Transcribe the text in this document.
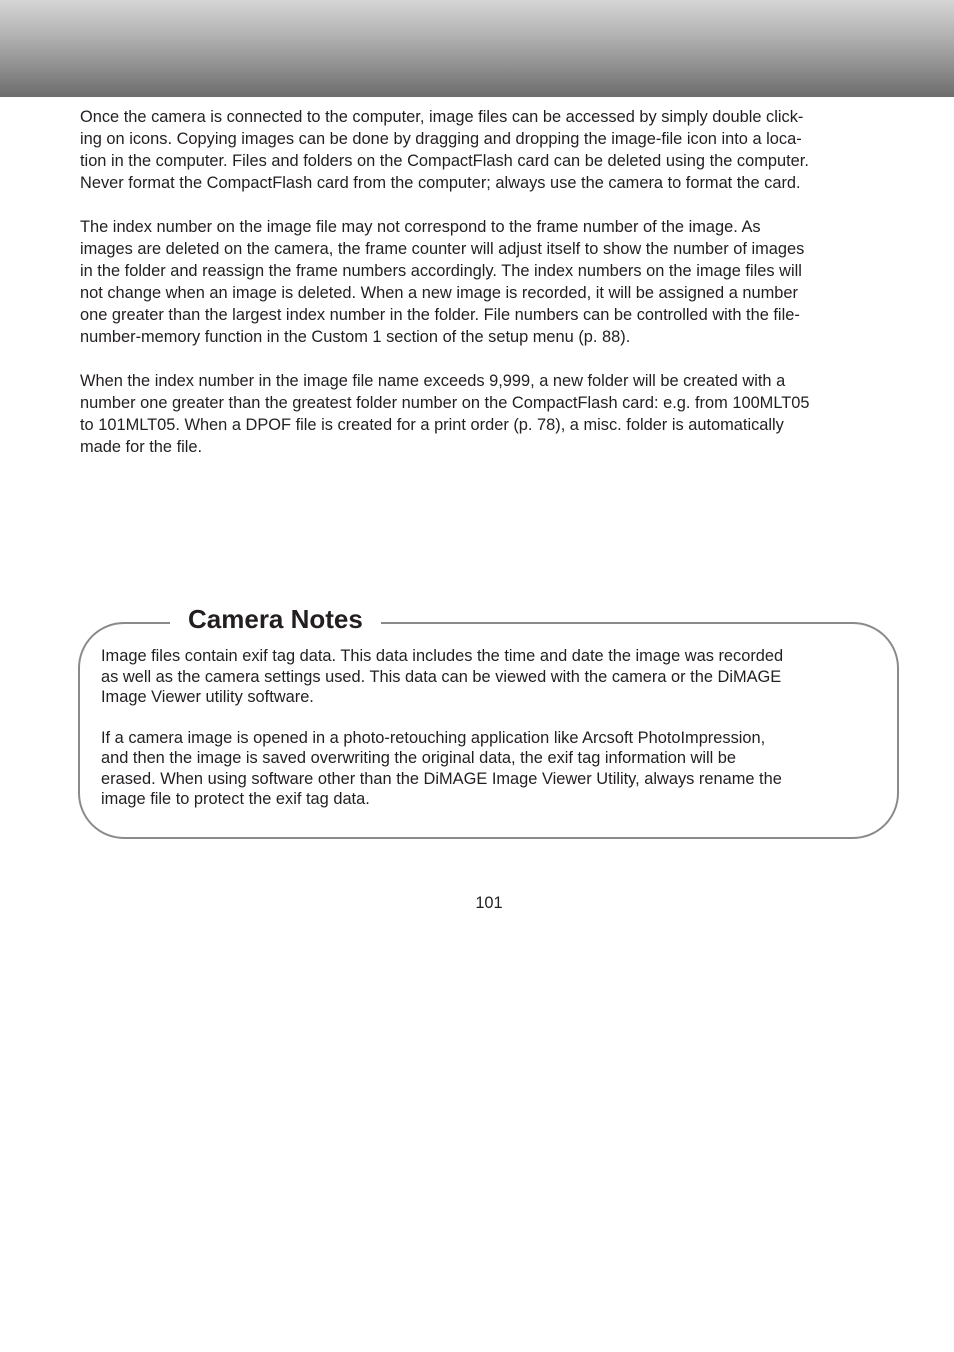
Once the camera is connected to the computer, image files can be accessed by simply double click-
ing on icons. Copying images can be done by dragging and dropping the image-file icon into a loca-
tion in the computer. Files and folders on the CompactFlash card can be deleted using the computer.
Never format the CompactFlash card from the computer; always use the camera to format the card.

The index number on the image file may not correspond to the frame number of the image. As
images are deleted on the camera, the frame counter will adjust itself to show the number of images
in the folder and reassign the frame numbers accordingly. The index numbers on the image files will
not change when an image is deleted. When a new image is recorded, it will be assigned a number
one greater than the largest index number in the folder. File numbers can be controlled with the file-
number-memory function in the Custom 1 section of the setup menu (p. 88).

When the index number in the image file name exceeds 9,999, a new folder will be created with a
number one greater than the greatest folder number on the CompactFlash card: e.g. from 100MLT05
to 101MLT05. When a DPOF file is created for a print order (p. 78), a misc. folder is automatically
made for the file.

Camera Notes

Image files contain exif tag data. This data includes the time and date the image was recorded
as well as the camera settings used. This data can be viewed with the camera or the DiMAGE
Image Viewer utility software.

If a camera image is opened in a photo-retouching application like Arcsoft PhotoImpression,
and then the image is saved overwriting the original data, the exif tag information will be
erased. When using software other than the DiMAGE Image Viewer Utility, always rename the
image file to protect the exif tag data.

101
